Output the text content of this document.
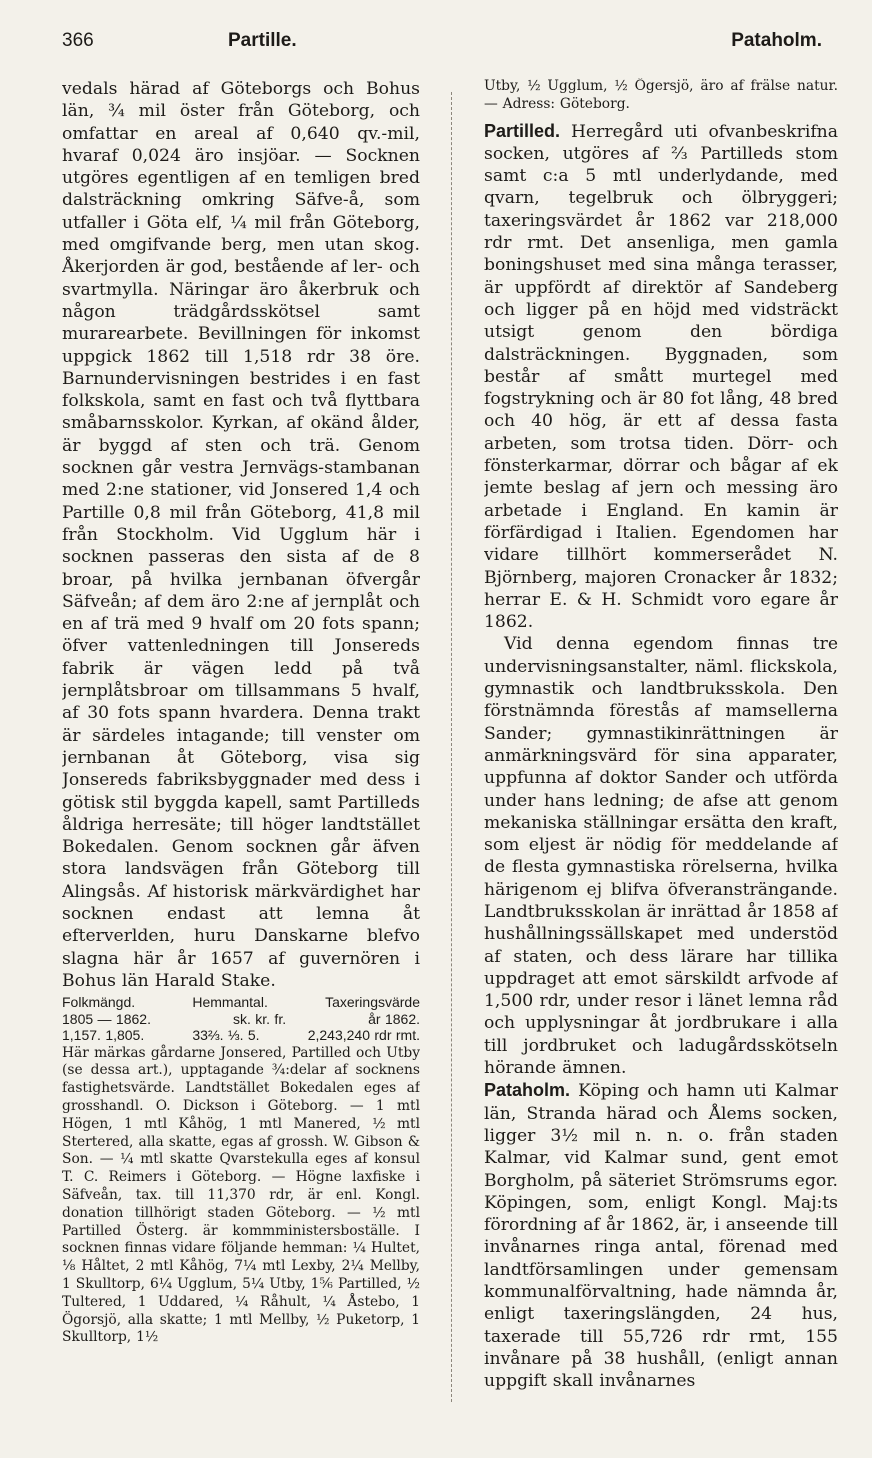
366	Partille.	Pataholm.

vedals härad af Göteborgs och Bohus län, ¾ mil öster från Göteborg, och omfattar en areal af 0,640 qv.-mil, hvaraf 0,024 äro insjöar. — Socknen utgöres egentligen af en temligen bred dalsträckning omkring Säfve-å, som utfaller i Göta elf, ¼ mil från Göteborg, med omgifvande berg, men utan skog. Åkerjorden är god, bestående af ler- och svartmylla. Näringar äro åkerbruk och någon trädgårdsskötsel samt murarearbete. Bevillningen för inkomst uppgick 1862 till 1,518 rdr 38 öre. Barnundervisningen bestrides i en fast folkskola, samt en fast och två flyttbara småbarnsskolor. Kyrkan, af okänd ålder, är byggd af sten och trä. Genom socknen går vestra Jernvägs-stambanan med 2:ne stationer, vid Jonsered 1,4 och Partille 0,8 mil från Göteborg, 41,8 mil från Stockholm. Vid Ugglum här i socknen passeras den sista af de 8 broar, på hvilka jernbanan öfvergår Säfveån; af dem äro 2:ne af jernplåt och en af trä med 9 hvalf om 20 fots spann; öfver vattenledningen till Jonsereds fabrik är vägen ledd på två jernplåtsbroar om tillsammans 5 hvalf, af 30 fots spann hvardera. Denna trakt är särdeles intagande; till venster om jernbanan åt Göteborg, visa sig Jonsereds fabriksbyggnader med dess i götisk stil byggda kapell, samt Partilleds åldriga herresäte; till höger landtstället Bokedalen. Genom socknen går äfven stora landsvägen från Göteborg till Alingsås. Af historisk märkvärdighet har socknen endast att lemna åt efterverlden, huru Danskarne blefvo slagna här år 1657 af guvernören i Bohus län Harald Stake.

Folkmängd.	Hemmantal.	Taxeringsvärde
1805 — 1862.	sk. kr. fr.	år 1862.
1,157. 1,805.	33⅔. ⅓. 5.	2,243,240 rdr rmt.

Här märkas gårdarne Jonsered, Partilled och Utby (se dessa art.), upptagande ¾:delar af socknens fastighetsvärde. Landtstället Bokedalen eges af grosshandl. O. Dickson i Göteborg. — 1 mtl Högen, 1 mtl Kåhög, 1 mtl Manered, ½ mtl Stertered, alla skatte, egas af grossh. W. Gibson & Son. — ¼ mtl skatte Qvarstekulla eges af konsul T. C. Reimers i Göteborg. — Högne laxfiske i Säfveån, tax. till 11,370 rdr, är enl. Kongl. donation tillhörigt staden Göteborg. — ½ mtl Partilled Österg. är kommministersboställe. I socknen finnas vidare följande hemman: ¼ Hultet, ⅛ Håltet, 2 mtl Kåhög, 7¼ mtl Lexby, 2¼ Mellby, 1 Skulltorp, 6¼ Ugglum, 5¼ Utby, 1⅚ Partilled, ½ Tultered, 1 Uddared, ¼ Råhult, ¼ Åstebo, 1 Ögorsjö, alla skatte; 1 mtl Mellby, ½ Puketorp, 1 Skulltorp, 1½

Utby, ½ Ugglum, ½ Ögersjö, äro af frälse natur. — Adress: Göteborg.

Partilled. Herregård uti ofvanbeskrifna socken, utgöres af ⅔ Partilleds stom samt c:a 5 mtl underlydande, med qvarn, tegelbruk och ölbryggeri; taxeringsvärdet år 1862 var 218,000 rdr rmt. Det ansenliga, men gamla boningshuset med sina många terasser, är uppfördt af direktör af Sandeberg och ligger på en höjd med vidsträckt utsigt genom den bördiga dalsträckningen. Byggnaden, som består af smått murtegel med fogstrykning och är 80 fot lång, 48 bred och 40 hög, är ett af dessa fasta arbeten, som trotsa tiden. Dörr- och fönsterkarmar, dörrar och bågar af ek jemte beslag af jern och messing äro arbetade i England. En kamin är förfärdigad i Italien. Egendomen har vidare tillhört kommerserådet N. Björnberg, majoren Cronacker år 1832; herrar E. & H. Schmidt voro egare år 1862.

Vid denna egendom finnas tre undervisningsanstalter, näml. flickskola, gymnastik och landtbruksskola. Den förstnämnda förestås af mamsellerna Sander; gymnastikinrättningen är anmärkningsvärd för sina apparater, uppfunna af doktor Sander och utförda under hans ledning; de afse att genom mekaniska ställningar ersätta den kraft, som eljest är nödig för meddelande af de flesta gymnastiska rörelserna, hvilka härigenom ej blifva öfveransträngande. Landtbruksskolan är inrättad år 1858 af hushållningssällskapet med understöd af staten, och dess lärare har tillika uppdraget att emot särskildt arfvode af 1,500 rdr, under resor i länet lemna råd och upplysningar åt jordbrukare i alla till jordbruket och ladugårdsskötseln hörande ämnen.

Pataholm. Köping och hamn uti Kalmar län, Stranda härad och Ålems socken, ligger 3½ mil n. n. o. från staden Kalmar, vid Kalmar sund, gent emot Borgholm, på säteriet Strömsrums egor. Köpingen, som, enligt Kongl. Maj:ts förordning af år 1862, är, i anseende till invånarnes ringa antal, förenad med landtförsamlingen under gemensam kommunalförvaltning, hade nämnda år, enligt taxeringslängden, 24 hus, taxerade till 55,726 rdr rmt, 155 invånare på 38 hushåll, (enligt annan uppgift skall invånarnes
